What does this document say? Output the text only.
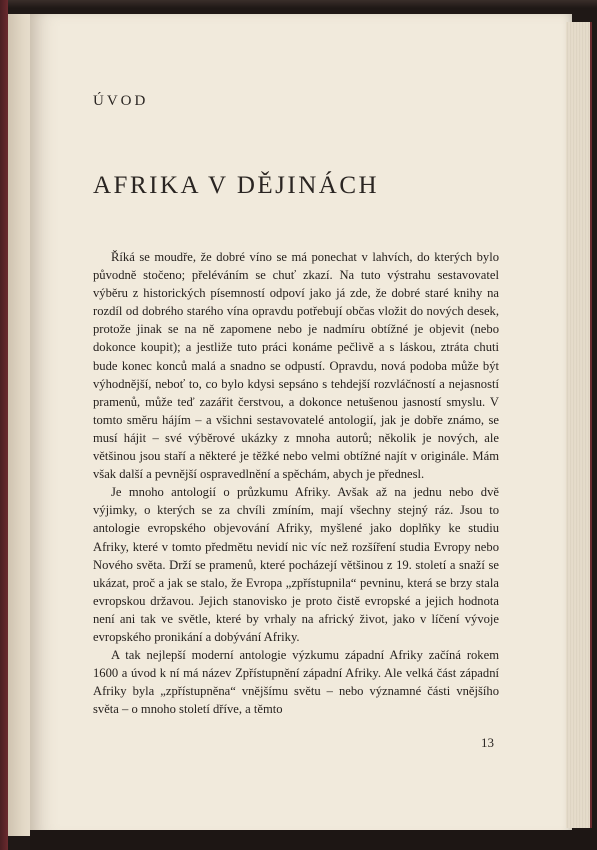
ÚVOD
AFRIKA V DĚJINÁCH

Říká se moudře, že dobré víno se má ponechat v lahvích, do kterých bylo původně stočeno; přeléváním se chuť zkazí. Na tuto výstrahu sestavovatel výběru z historických písemností odpoví jako já zde, že dobré staré knihy na rozdíl od dobrého starého vína opravdu potřebují občas vložit do nových desek, protože jinak se na ně zapomene nebo je nadmíru obtížné je objevit (nebo dokonce koupit); a jestliže tuto práci konáme pečlivě a s láskou, ztráta chuti bude konec konců malá a snadno se odpustí. Opravdu, nová podoba může být výhodnější, neboť to, co bylo kdysi sepsáno s tehdejší rozvláčností a nejasností pramenů, může teď zazářit čerstvou, a dokonce netušenou jasností smyslu. V tomto směru hájím – a všichni sestavovatelé antologií, jak je dobře známo, se musí hájit – své výběrové ukázky z mnoha autorů; několik je nových, ale většinou jsou staří a některé je těžké nebo velmi obtížné najít v originále. Mám však další a pevnější ospravedlnění a spěchám, abych je přednesl.

Je mnoho antologií o průzkumu Afriky. Avšak až na jednu nebo dvě výjimky, o kterých se za chvíli zmíním, mají všechny stejný ráz. Jsou to antologie evropského objevování Afriky, myšlené jako doplňky ke studiu Afriky, které v tomto předmětu nevidí nic víc než rozšíření studia Evropy nebo Nového světa. Drží se pramenů, které pocházejí většinou z 19. století a snaží se ukázat, proč a jak se stalo, že Evropa „zpřístupnila“ pevninu, která se brzy stala evropskou državou. Jejich stanovisko je proto čistě evropské a jejich hodnota není ani tak ve světle, které by vrhaly na africký život, jako v líčení vývoje evropského pronikání a dobývání Afriky.

A tak nejlepší moderní antologie výzkumu západní Afriky začíná rokem 1600 a úvod k ní má název Zpřístupnění západní Afriky. Ale velká část západní Afriky byla „zpřístupněna“ vnějšímu světu – nebo významné části vnějšího světa – o mnoho století dříve, a těmto

13
